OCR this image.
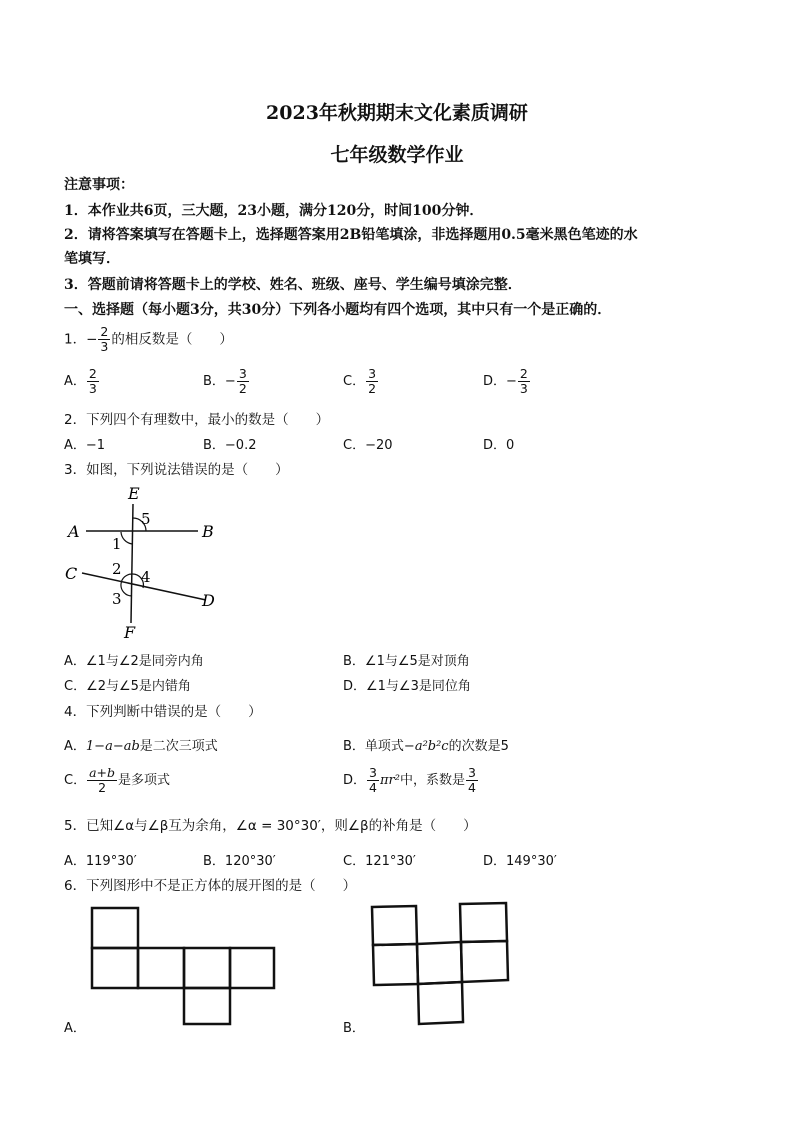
2023年秋期期末文化素质调研
七年级数学作业
注意事项：
1．本作业共6页，三大题，23小题，满分120分，时间100分钟．
2．请将答案填写在答题卡上，选择题答案用2B铅笔填涂，非选择题用0.5毫米黑色笔迹的水
笔填写．
3．答题前请将答题卡上的学校、姓名、班级、座号、学生编号填涂完整．
一、选择题（每小题3分，共30分）下列各小题均有四个选项，其中只有一个是正确的．
1．− $\frac{2}{3}$ 的相反数是（　　）
A． $\frac{2}{3}$	B．− $\frac{3}{2}$	C． $\frac{3}{2}$	D．− $\frac{2}{3}$
2．下列四个有理数中，最小的数是（　　）
A．−1	B．−0.2	C．−20	D．0
3．如图，下列说法错误的是（　　）
E
F
A	B
C
D
1
2
3
4
5
A．∠1与∠2是同旁内角	B．∠1与∠5是对顶角
C．∠2与∠5是内错角	D．∠1与∠3是同位角
4．下列判断中错误的是（　　）
A．1−a−ab是二次三项式	B．单项式−a²b²c的次数是5
C． $\frac{a+b}{2}$ 是多项式	D． $\frac{3}{4} \pi r^2$中，系数是 $\frac{3}{4}$
5．已知∠α与∠β互为余角，∠α = 30°30′，则∠β的补角是（　　）
A．119°30′	B．120°30′	C．121°30′	D．149°30′
6．下列图形中不是正方体的展开图的是（　　）
A．	B．
